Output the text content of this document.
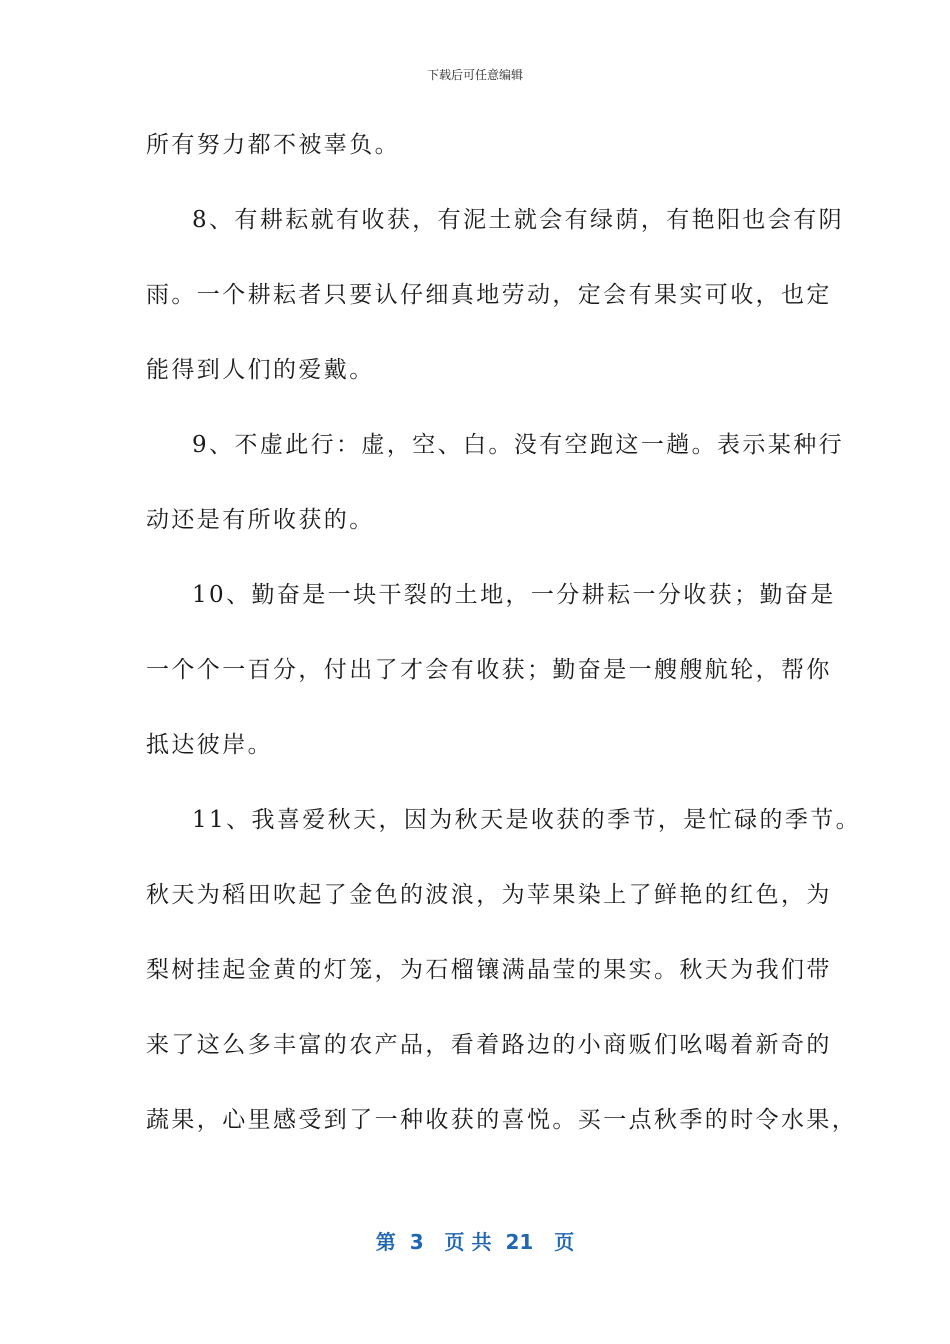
下载后可任意编辑
所有努力都不被辜负。
8、有耕耘就有收获，有泥土就会有绿荫，有艳阳也会有阴
雨。一个耕耘者只要认仔细真地劳动，定会有果实可收，也定
能得到人们的爱戴。
9、不虚此行：虚，空、白。没有空跑这一趟。表示某种行
动还是有所收获的。
10、勤奋是一块干裂的土地，一分耕耘一分收获；勤奋是
一个个一百分，付出了才会有收获；勤奋是一艘艘航轮，帮你
抵达彼岸。
11、我喜爱秋天，因为秋天是收获的季节，是忙碌的季节。
秋天为稻田吹起了金色的波浪，为苹果染上了鲜艳的红色，为
梨树挂起金黄的灯笼，为石榴镶满晶莹的果实。秋天为我们带
来了这么多丰富的农产品，看着路边的小商贩们吆喝着新奇的
蔬果，心里感受到了一种收获的喜悦。买一点秋季的时令水果，
第 3 页 共 21 页
